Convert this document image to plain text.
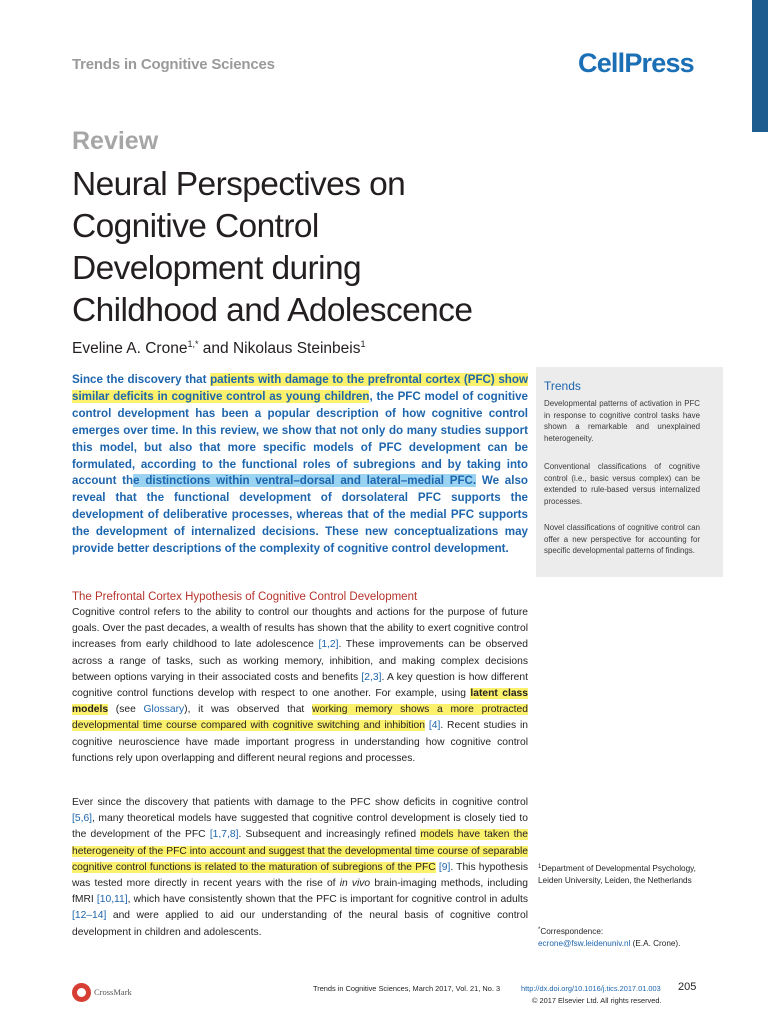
Trends in Cognitive Sciences	CellPress
Review
Neural Perspectives on
Cognitive Control
Development during
Childhood and Adolescence
Eveline A. Crone$^{1,*}$ and Nikolaus Steinbeis$^1$
Since the discovery that patients with damage to the prefrontal cortex (PFC) show similar deficits in cognitive control as young children, the PFC model of cognitive control development has been a popular description of how cognitive control emerges over time. In this review, we show that not only do many studies support this model, but also that more specific models of PFC development can be formulated, according to the functional roles of subregions and by taking into account the distinctions within ventral–dorsal and lateral–medial PFC. We also reveal that the functional development of dorsolateral PFC supports the development of deliberative processes, whereas that of the medial PFC supports the development of internalized decisions. These new conceptualizations may provide better descriptions of the complexity of cognitive control development.
Trends
Developmental patterns of activation in PFC in response to cognitive control tasks have shown a remarkable and unexplained heterogeneity.
Conventional classifications of cognitive control (i.e., basic versus complex) can be extended to rule-based versus internalized processes.
Novel classifications of cognitive control can offer a new perspective for accounting for specific developmental patterns of findings.
The Prefrontal Cortex Hypothesis of Cognitive Control Development
Cognitive control refers to the ability to control our thoughts and actions for the purpose of future goals. Over the past decades, a wealth of results has shown that the ability to exert cognitive control increases from early childhood to late adolescence [1,2]. These improvements can be observed across a range of tasks, such as working memory, inhibition, and making complex decisions between options varying in their associated costs and benefits [2,3]. A key question is how different cognitive control functions develop with respect to one another. For example, using latent class models (see Glossary), it was observed that working memory shows a more protracted developmental time course compared with cognitive switching and inhibition [4]. Recent studies in cognitive neuroscience have made important progress in understanding how cognitive control functions rely upon overlapping and different neural regions and processes.
Ever since the discovery that patients with damage to the PFC show deficits in cognitive control [5,6], many theoretical models have suggested that cognitive control development is closely tied to the development of the PFC [1,7,8]. Subsequent and increasingly refined models have taken the heterogeneity of the PFC into account and suggest that the developmental time course of separable cognitive control functions is related to the maturation of subregions of the PFC [9]. This hypothesis was tested more directly in recent years with the rise of in vivo brain-imaging methods, including fMRI [10,11], which have consistently shown that the PFC is important for cognitive control in adults [12–14] and were applied to aid our understanding of the neural basis of cognitive control development in children and adolescents.
$^1$Department of Developmental Psychology, Leiden University, Leiden, the Netherlands
*Correspondence:
ecrone@fsw.leidenuniv.nl (E.A. Crone).
CrossMark	Trends in Cognitive Sciences, March 2017, Vol. 21, No. 3	http://dx.doi.org/10.1016/j.tics.2017.01.003 205
© 2017 Elsevier Ltd. All rights reserved.
